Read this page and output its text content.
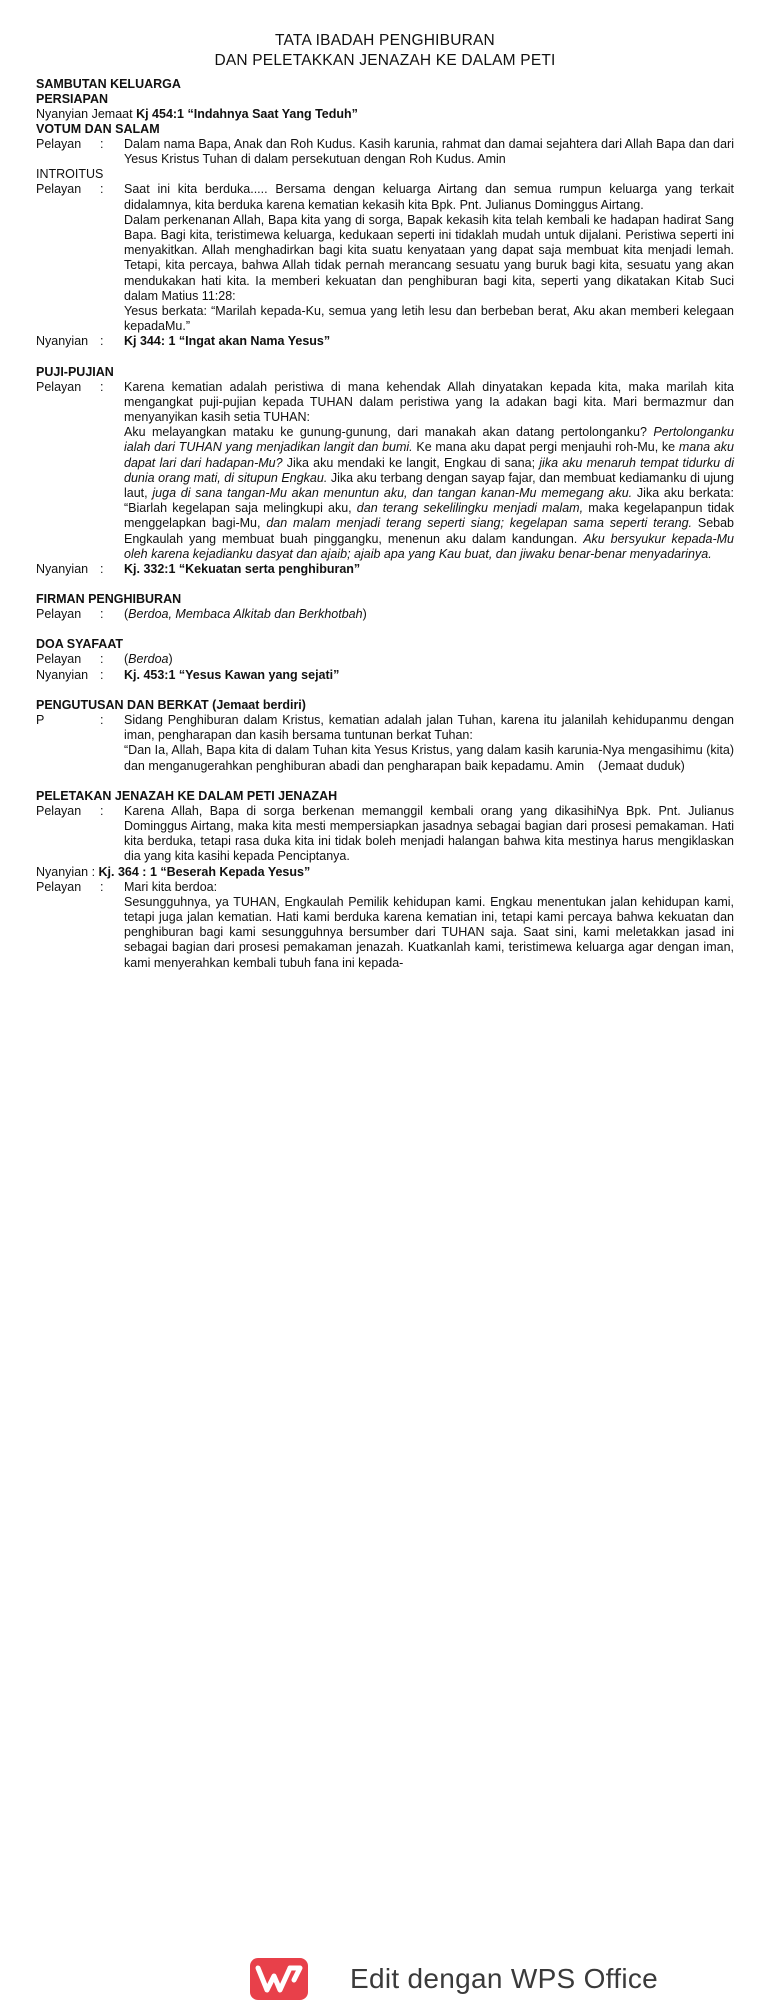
TATA IBADAH PENGHIBURAN
DAN PELETAKKAN JENAZAH KE DALAM PETI
SAMBUTAN KELUARGA
PERSIAPAN
Nyanyian Jemaat Kj 454:1 “Indahnya Saat Yang Teduh”
VOTUM DAN SALAM
Pelayan	:	Dalam nama Bapa, Anak dan Roh Kudus. Kasih karunia, rahmat dan damai sejahtera dari Allah Bapa dan dari Yesus Kristus Tuhan di dalam persekutuan dengan Roh Kudus. Amin
INTROITUS
Pelayan	:	Saat ini kita berduka..... Bersama dengan keluarga Airtang dan semua rumpun keluarga yang terkait didalamnya, kita berduka karena kematian kekasih kita Bpk. Pnt. Julianus Dominggus Airtang.
Dalam perkenanan Allah, Bapa kita yang di sorga, Bapak kekasih kita telah kembali ke hadapan hadirat Sang Bapa. Bagi kita, teristimewa keluarga, kedukaan seperti ini tidaklah mudah untuk dijalani. Peristiwa seperti ini menyakitkan. Allah menghadirkan bagi kita suatu kenyataan yang dapat saja membuat kita menjadi lemah. Tetapi, kita percaya, bahwa Allah tidak pernah merancang sesuatu yang buruk bagi kita, sesuatu yang akan mendukakan hati kita. Ia memberi kekuatan dan penghiburan bagi kita, seperti yang dikatakan Kitab Suci dalam Matius 11:28:
Yesus berkata: “Marilah kepada-Ku, semua yang letih lesu dan berbeban berat, Aku akan memberi kelegaan kepadaMu.”
Nyanyian :	Kj 344: 1 “Ingat akan Nama Yesus”
PUJI-PUJIAN
Pelayan	:	Karena kematian adalah peristiwa di mana kehendak Allah dinyatakan kepada kita, maka marilah kita mengangkat puji-pujian kepada TUHAN dalam peristiwa yang Ia adakan bagi kita. Mari bermazmur dan menyanyikan kasih setia TUHAN:
Aku melayangkan mataku ke gunung-gunung, dari manakah akan datang pertolonganku? Pertolonganku ialah dari TUHAN yang menjadikan langit dan bumi. Ke mana aku dapat pergi menjauhi roh-Mu, ke mana aku dapat lari dari hadapan-Mu? Jika aku mendaki ke langit, Engkau di sana; jika aku menaruh tempat tidurku di dunia orang mati, di situpun Engkau. Jika aku terbang dengan sayap fajar, dan membuat kediamanku di ujung laut, juga di sana tangan-Mu akan menuntun aku, dan tangan kanan-Mu memegang aku. Jika aku berkata: “Biarlah kegelapan saja melingkupi aku, dan terang sekelilingku menjadi malam, maka kegelapanpun tidak menggelapkan bagi-Mu, dan malam menjadi terang seperti siang; kegelapan sama seperti terang. Sebab Engkaulah yang membuat buah pinggangku, menenun aku dalam kandungan. Aku bersyukur kepada-Mu oleh karena kejadianku dasyat dan ajaib; ajaib apa yang Kau buat, dan jiwaku benar-benar menyadarinya.
Nyanyian :	Kj. 332:1 “Kekuatan serta penghiburan”
FIRMAN PENGHIBURAN
Pelayan	:	(Berdoa, Membaca Alkitab dan Berkhotbah)
DOA SYAFAAT
Pelayan	:	(Berdoa)
Nyanyian :	Kj. 453:1 “Yesus Kawan yang sejati”
PENGUTUSAN DAN BERKAT (Jemaat berdiri)
P	:	Sidang Penghiburan dalam Kristus, kematian adalah jalan Tuhan, karena itu jalanilah kehidupanmu dengan iman, pengharapan dan kasih bersama tuntunan berkat Tuhan:
“Dan Ia, Allah, Bapa kita di dalam Tuhan kita Yesus Kristus, yang dalam kasih karunia-Nya mengasihimu (kita) dan menganugerahkan penghiburan abadi dan pengharapan baik kepadamu. Amin (Jemaat duduk)
PELETAKAN JENAZAH KE DALAM PETI JENAZAH
Pelayan	:	Karena Allah, Bapa di sorga berkenan memanggil kembali orang yang dikasihiNya Bpk. Pnt. Julianus Dominggus Airtang, maka kita mesti mempersiapkan jasadnya sebagai bagian dari prosesi pemakaman. Hati kita berduka, tetapi rasa duka kita ini tidak boleh menjadi halangan bahwa kita mestinya harus mengiklaskan dia yang kita kasihi kepada Penciptanya.
Nyanyian : Kj. 364 : 1 “Beserah Kepada Yesus”
Pelayan	:	Mari kita berdoa:
Sesungguhnya, ya TUHAN, Engkaulah Pemilik kehidupan kami. Engkau menentukan jalan kehidupan kami, tetapi juga jalan kematian. Hati kami berduka karena kematian ini, tetapi kami percaya bahwa kekuatan dan penghiburan bagi kami sesungguhnya bersumber dari TUHAN saja. Saat sini, kami meletakkan jasad ini sebagai bagian dari prosesi pemakaman jenazah. Kuatkanlah kami, teristimewa keluarga agar dengan iman, kami menyerahkan kembali tubuh fana ini kepada-
Edit dengan WPS Office
